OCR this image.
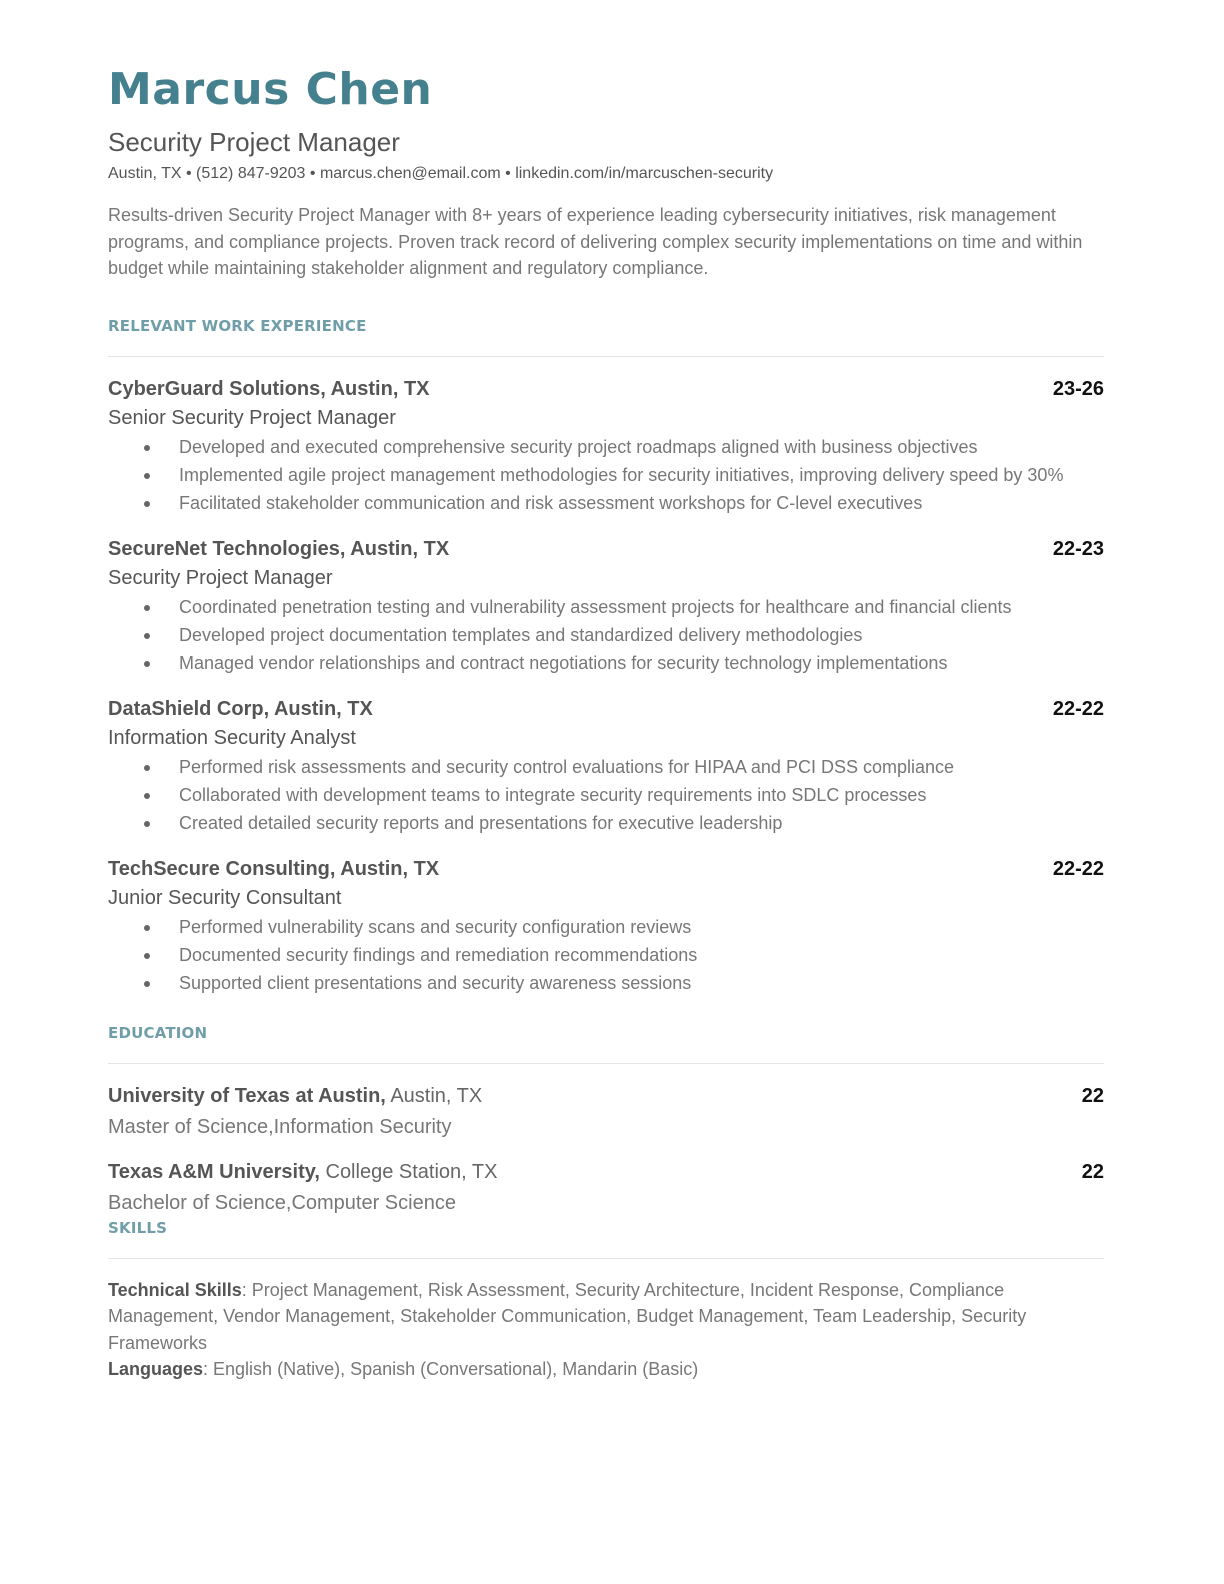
Marcus Chen
Security Project Manager
Austin, TX • (512) 847-9203 • marcus.chen@email.com • linkedin.com/in/marcuschen-security
Results-driven Security Project Manager with 8+ years of experience leading cybersecurity initiatives, risk management programs, and compliance projects. Proven track record of delivering complex security implementations on time and within budget while maintaining stakeholder alignment and regulatory compliance.
RELEVANT WORK EXPERIENCE
CyberGuard Solutions, Austin, TX	23-26
Senior Security Project Manager
Developed and executed comprehensive security project roadmaps aligned with business objectives
Implemented agile project management methodologies for security initiatives, improving delivery speed by 30%
Facilitated stakeholder communication and risk assessment workshops for C-level executives
SecureNet Technologies, Austin, TX	22-23
Security Project Manager
Coordinated penetration testing and vulnerability assessment projects for healthcare and financial clients
Developed project documentation templates and standardized delivery methodologies
Managed vendor relationships and contract negotiations for security technology implementations
DataShield Corp, Austin, TX	22-22
Information Security Analyst
Performed risk assessments and security control evaluations for HIPAA and PCI DSS compliance
Collaborated with development teams to integrate security requirements into SDLC processes
Created detailed security reports and presentations for executive leadership
TechSecure Consulting, Austin, TX	22-22
Junior Security Consultant
Performed vulnerability scans and security configuration reviews
Documented security findings and remediation recommendations
Supported client presentations and security awareness sessions
EDUCATION
University of Texas at Austin, Austin, TX	22
Master of Science,Information Security
Texas A&M University, College Station, TX	22
Bachelor of Science,Computer Science
SKILLS
Technical Skills: Project Management, Risk Assessment, Security Architecture, Incident Response, Compliance Management, Vendor Management, Stakeholder Communication, Budget Management, Team Leadership, Security Frameworks
Languages: English (Native), Spanish (Conversational), Mandarin (Basic)
